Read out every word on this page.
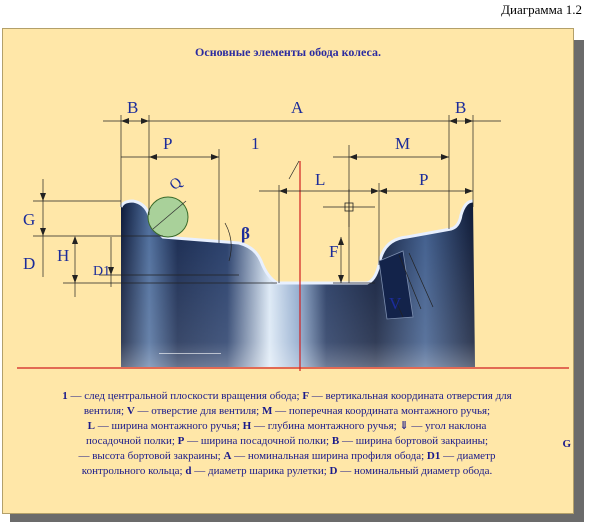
Диаграмма 1.2
Основные элементы обода колеса.
B	A	B
P	1	M
L	P
G
D H
D1
F
β
V
Q
1 — след центральной плоскости вращения обода; F — вертикальная координата отверстия для
вентиля; V — отверстие для вентиля; M — поперечная координата монтажного ручья;
L — ширина монтажного ручья; H — глубина монтажного ручья; ⇓ — угол наклона
посадочной полки; P — ширина посадочной полки; B — ширина бортовой закраины;
— высота бортовой закраины; A — номинальная ширина профиля обода; D1 — диаметр
контрольного кольца; d — диаметр шарика рулетки; D — номинальный диаметр обода.
G
